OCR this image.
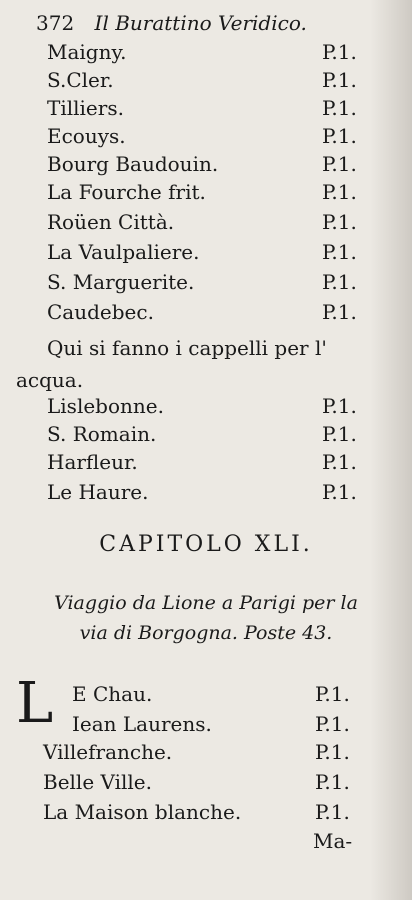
372 Il Burattino Veridico.
Maigny.	P.1.
S.Cler.	P.1.
Tilliers.	P.1.
Ecouys.	P.1.
Bourg Baudouin.	P.1.
La Fourche frit.	P.1.
Roüen Città.	P.1.
La Vaulpaliere.	P.1.
S. Marguerite.	P.1.
Caudebec.	P.1.
Qui si fanno i cappelli per l'
acqua.
Lislebonne.	P.1.
S. Romain.	P.1.
Harfleur.	P.1.
Le Haure.	P.1.
CAPITOLO XLI.
Viaggio da Lione a Parigi per la
via di Borgogna. Poste 43.
L E Chau.	P.1.
Iean Laurens.	P.1.
Villefranche.	P.1.
Belle Ville.	P.1.
La Maison blanche.	P.1.
Ma-
